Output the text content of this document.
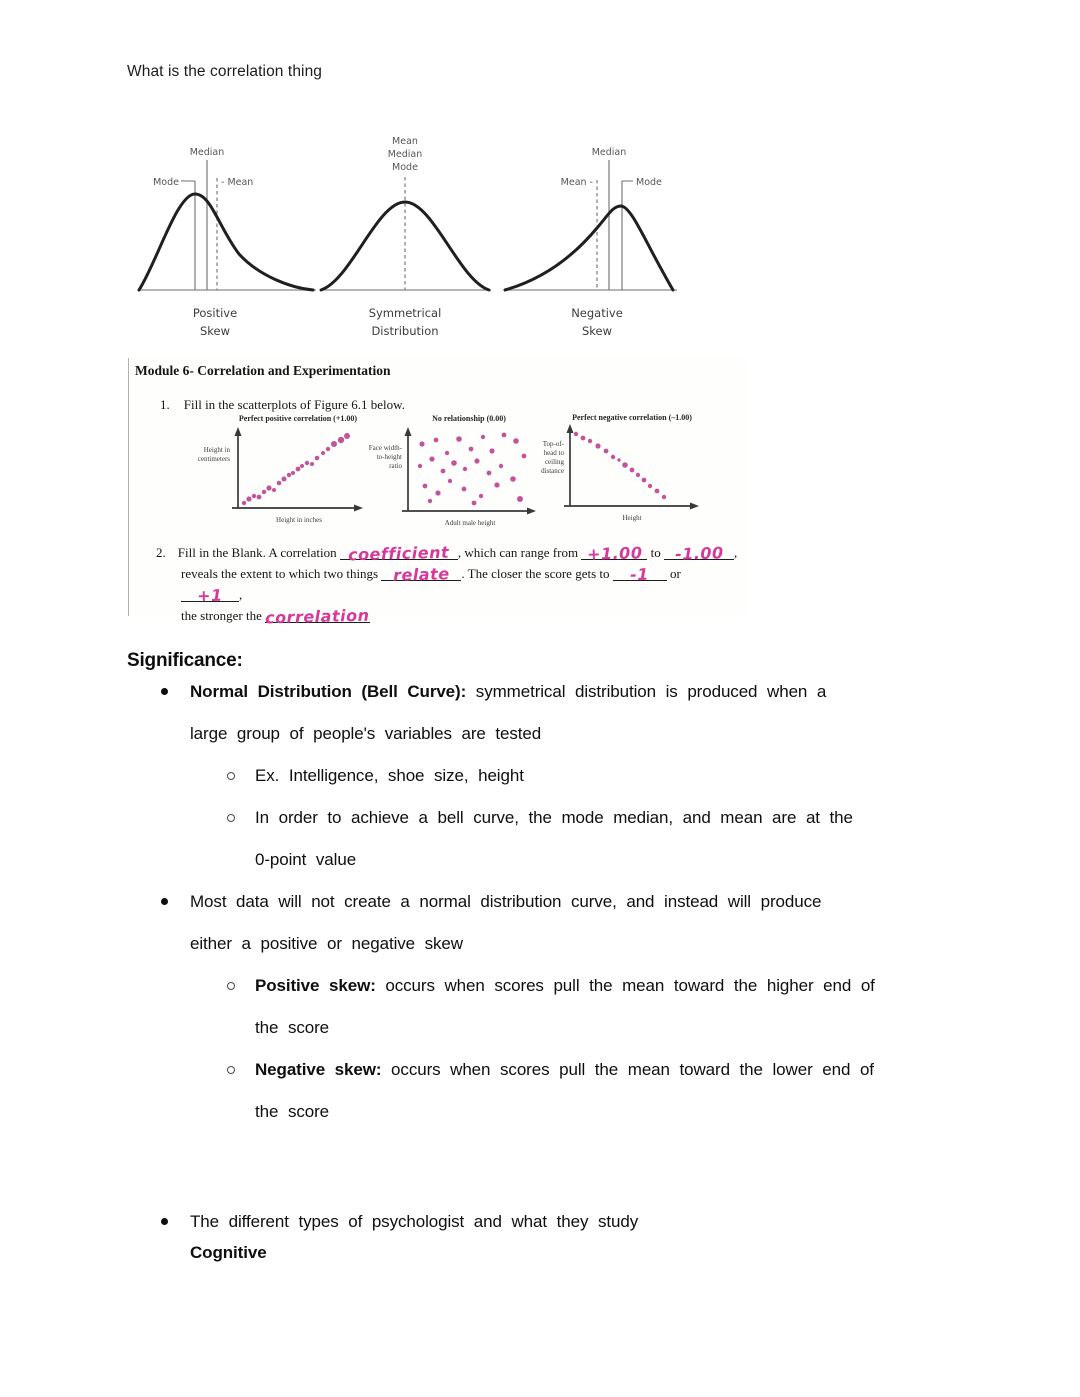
What is the correlation thing
Median
Mode	- Mean
Positive
Skew
Mean
Median
Mode
Symmetrical
Distribution
Median
Mean -	Mode
Negative
Skew
Module 6- Correlation and Experimentation
1. Fill in the scatterplots of Figure 6.1 below.
Perfect positive correlation (+1.00)
Height in
centimeters
Height in inches
No relationship (0.00)
Face width-
to-height
ratio
Adult male height
Perfect negative correlation (–1.00)
Top-of-
head to
ceiling
distance
Height
2. Fill in the Blank. A correlation coefficient , which can range from +1.00 to -1.00 ,
reveals the extent to which two things relate . The closer the score gets to -1 or +1 ,
the stronger the correlation
Significance:
Normal Distribution (Bell Curve): symmetrical distribution is produced when a
large group of people's variables are tested
Ex. Intelligence, shoe size, height
In order to achieve a bell curve, the mode median, and mean are at the
0-point value
Most data will not create a normal distribution curve, and instead will produce
either a positive or negative skew
Positive skew: occurs when scores pull the mean toward the higher end of
the score
Negative skew: occurs when scores pull the mean toward the lower end of
the score
The different types of psychologist and what they study
Cognitive
